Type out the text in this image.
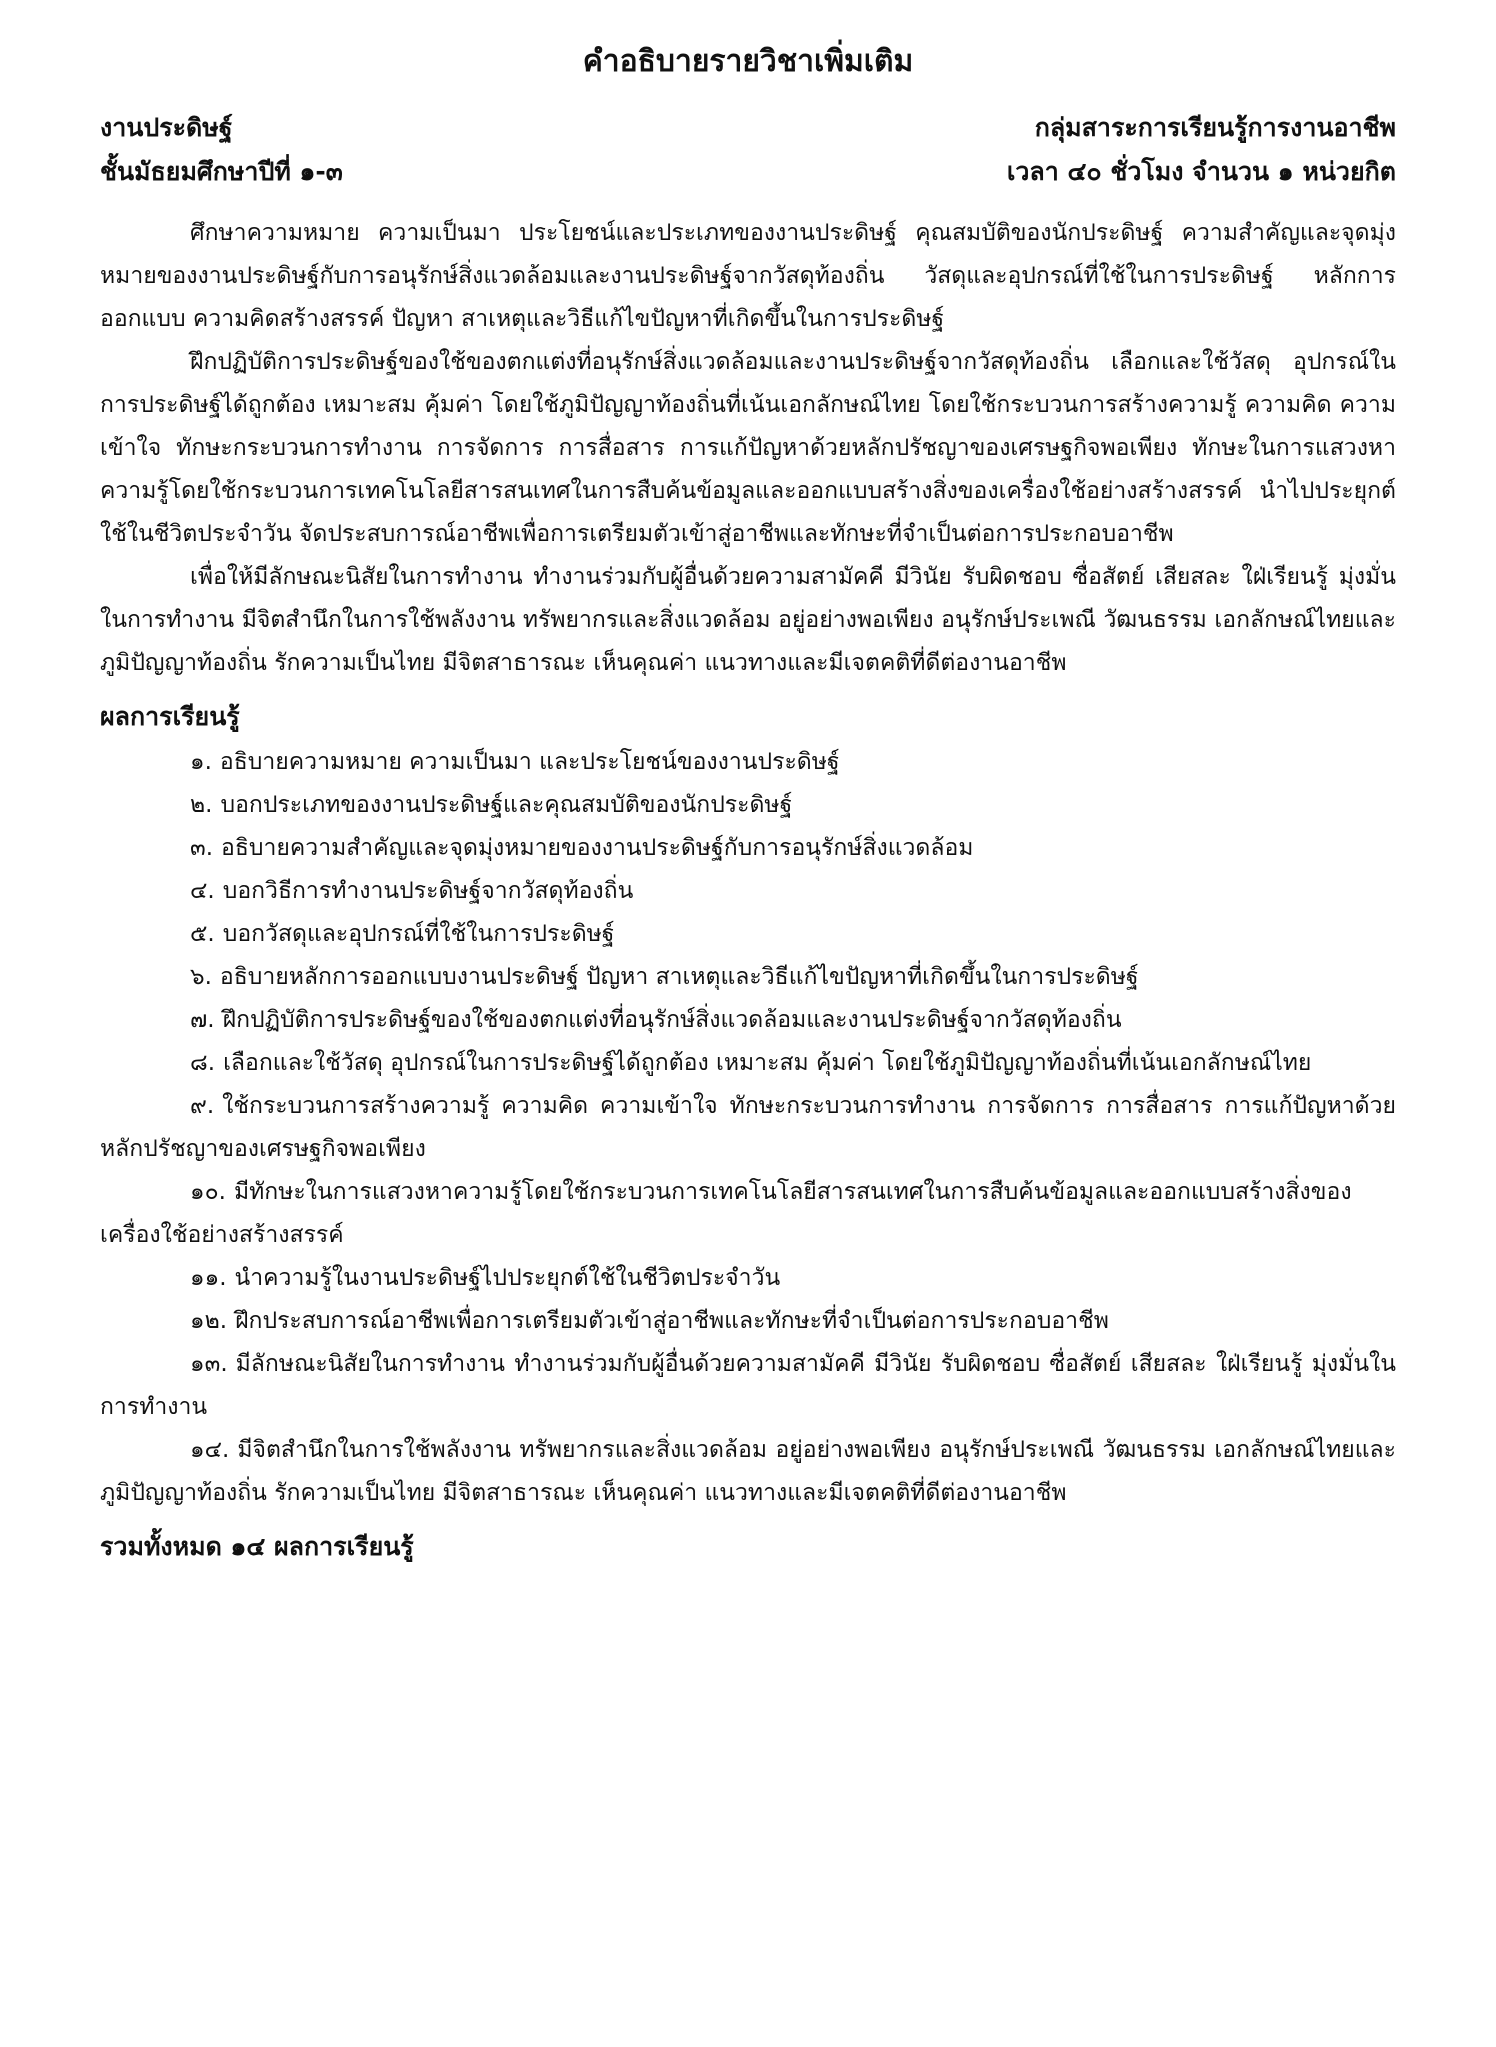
คำอธิบายรายวิชาเพิ่มเติม
งานประดิษฐ์	กลุ่มสาระการเรียนรู้การงานอาชีพ
ชั้นมัธยมศึกษาปีที่ ๑-๓	เวลา ๔๐ ชั่วโมง จำนวน ๑ หน่วยกิต

ศึกษาความหมาย ความเป็นมา ประโยชน์และประเภทของงานประดิษฐ์ คุณสมบัติของนักประดิษฐ์ ความสำคัญและจุดมุ่งหมายของงานประดิษฐ์กับการอนุรักษ์สิ่งแวดล้อมและงานประดิษฐ์จากวัสดุท้องถิ่น วัสดุและอุปกรณ์ที่ใช้ในการประดิษฐ์ หลักการออกแบบ ความคิดสร้างสรรค์ ปัญหา สาเหตุและวิธีแก้ไขปัญหาที่เกิดขึ้นในการประดิษฐ์

ฝึกปฏิบัติการประดิษฐ์ของใช้ของตกแต่งที่อนุรักษ์สิ่งแวดล้อมและงานประดิษฐ์จากวัสดุท้องถิ่น เลือกและใช้วัสดุ อุปกรณ์ในการประดิษฐ์ได้ถูกต้อง เหมาะสม คุ้มค่า โดยใช้ภูมิปัญญาท้องถิ่นที่เน้นเอกลักษณ์ไทย โดยใช้กระบวนการสร้างความรู้ ความคิด ความเข้าใจ ทักษะกระบวนการทำงาน การจัดการ การสื่อสาร การแก้ปัญหาด้วยหลักปรัชญาของเศรษฐกิจพอเพียง ทักษะในการแสวงหาความรู้โดยใช้กระบวนการเทคโนโลยีสารสนเทศในการสืบค้นข้อมูลและออกแบบสร้างสิ่งของเครื่องใช้อย่างสร้างสรรค์ นำไปประยุกต์ใช้ในชีวิตประจำวัน จัดประสบการณ์อาชีพเพื่อการเตรียมตัวเข้าสู่อาชีพและทักษะที่จำเป็นต่อการประกอบอาชีพ

เพื่อให้มีลักษณะนิสัยในการทำงาน ทำงานร่วมกับผู้อื่นด้วยความสามัคคี มีวินัย รับผิดชอบ ซื่อสัตย์ เสียสละ ใฝ่เรียนรู้ มุ่งมั่นในการทำงาน มีจิตสำนึกในการใช้พลังงาน ทรัพยากรและสิ่งแวดล้อม อยู่อย่างพอเพียง อนุรักษ์ประเพณี วัฒนธรรม เอกลักษณ์ไทยและภูมิปัญญาท้องถิ่น รักความเป็นไทย มีจิตสาธารณะ เห็นคุณค่า แนวทางและมีเจตคติที่ดีต่องานอาชีพ

ผลการเรียนรู้
๑. อธิบายความหมาย ความเป็นมา และประโยชน์ของงานประดิษฐ์
๒. บอกประเภทของงานประดิษฐ์และคุณสมบัติของนักประดิษฐ์
๓. อธิบายความสำคัญและจุดมุ่งหมายของงานประดิษฐ์กับการอนุรักษ์สิ่งแวดล้อม
๔. บอกวิธีการทำงานประดิษฐ์จากวัสดุท้องถิ่น
๕. บอกวัสดุและอุปกรณ์ที่ใช้ในการประดิษฐ์
๖. อธิบายหลักการออกแบบงานประดิษฐ์ ปัญหา สาเหตุและวิธีแก้ไขปัญหาที่เกิดขึ้นในการประดิษฐ์
๗. ฝึกปฏิบัติการประดิษฐ์ของใช้ของตกแต่งที่อนุรักษ์สิ่งแวดล้อมและงานประดิษฐ์จากวัสดุท้องถิ่น
๘. เลือกและใช้วัสดุ อุปกรณ์ในการประดิษฐ์ได้ถูกต้อง เหมาะสม คุ้มค่า โดยใช้ภูมิปัญญาท้องถิ่นที่เน้นเอกลักษณ์ไทย
๙. ใช้กระบวนการสร้างความรู้ ความคิด ความเข้าใจ ทักษะกระบวนการทำงาน การจัดการ การสื่อสาร การแก้ปัญหาด้วยหลักปรัชญาของเศรษฐกิจพอเพียง
๑๐. มีทักษะในการแสวงหาความรู้โดยใช้กระบวนการเทคโนโลยีสารสนเทศในการสืบค้นข้อมูลและออกแบบสร้างสิ่งของเครื่องใช้อย่างสร้างสรรค์
๑๑. นำความรู้ในงานประดิษฐ์ไปประยุกต์ใช้ในชีวิตประจำวัน
๑๒. ฝึกประสบการณ์อาชีพเพื่อการเตรียมตัวเข้าสู่อาชีพและทักษะที่จำเป็นต่อการประกอบอาชีพ
๑๓. มีลักษณะนิสัยในการทำงาน ทำงานร่วมกับผู้อื่นด้วยความสามัคคี มีวินัย รับผิดชอบ ซื่อสัตย์ เสียสละ ใฝ่เรียนรู้ มุ่งมั่นในการทำงาน
๑๔. มีจิตสำนึกในการใช้พลังงาน ทรัพยากรและสิ่งแวดล้อม อยู่อย่างพอเพียง อนุรักษ์ประเพณี วัฒนธรรม เอกลักษณ์ไทยและภูมิปัญญาท้องถิ่น รักความเป็นไทย มีจิตสาธารณะ เห็นคุณค่า แนวทางและมีเจตคติที่ดีต่องานอาชีพ
รวมทั้งหมด ๑๔ ผลการเรียนรู้
